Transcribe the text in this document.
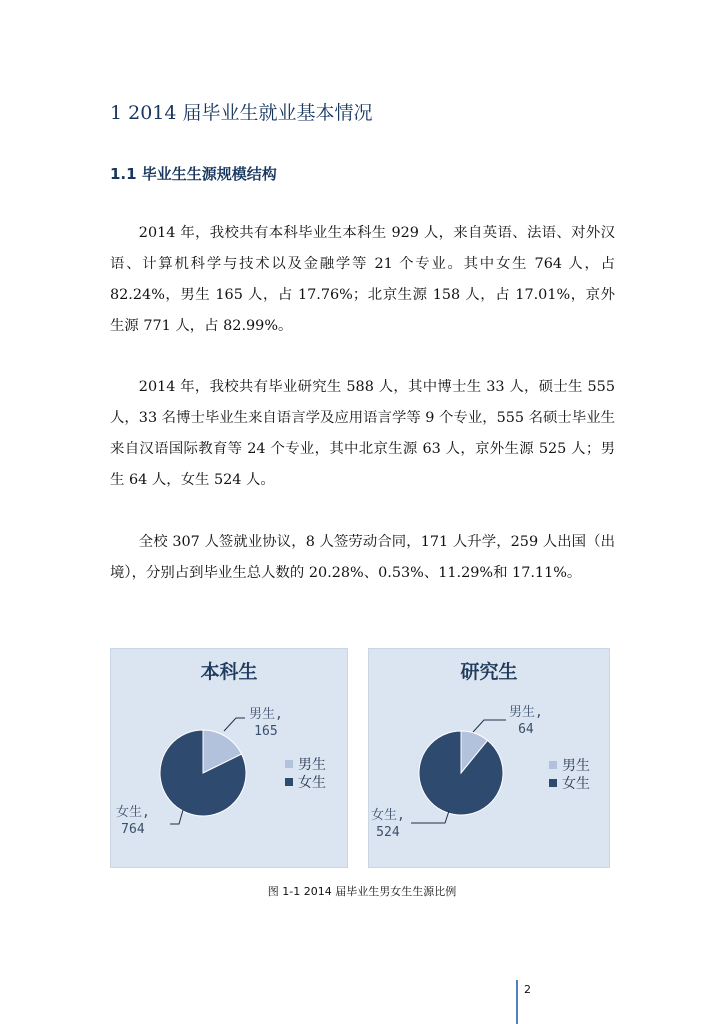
1 2014 届毕业生就业基本情况
1.1 毕业生生源规模结构

2014 年，我校共有本科毕业生本科生 929 人，来自英语、法语、对外汉语、计算机科学与技术以及金融学等 21 个专业。其中女生 764 人，占 82.24%，男生 165 人，占 17.76%；北京生源 158 人，占 17.01%，京外生源 771 人，占 82.99%。

2014 年，我校共有毕业研究生 588 人，其中博士生 33 人，硕士生 555 人，33 名博士毕业生来自语言学及应用语言学等 9 个专业，555 名硕士毕业生来自汉语国际教育等 24 个专业，其中北京生源 63 人，京外生源 525 人；男生 64 人，女生 524 人。

全校 307 人签就业协议，8 人签劳动合同，171 人升学，259 人出国（出境），分别占到毕业生总人数的 20.28%、0.53%、11.29%和 17.11%。

本科生
男生,
165
女生,
764
男生
女生
研究生
男生,
64
女生,
524
男生
女生
图 1-1 2014 届毕业生男女生生源比例
2
